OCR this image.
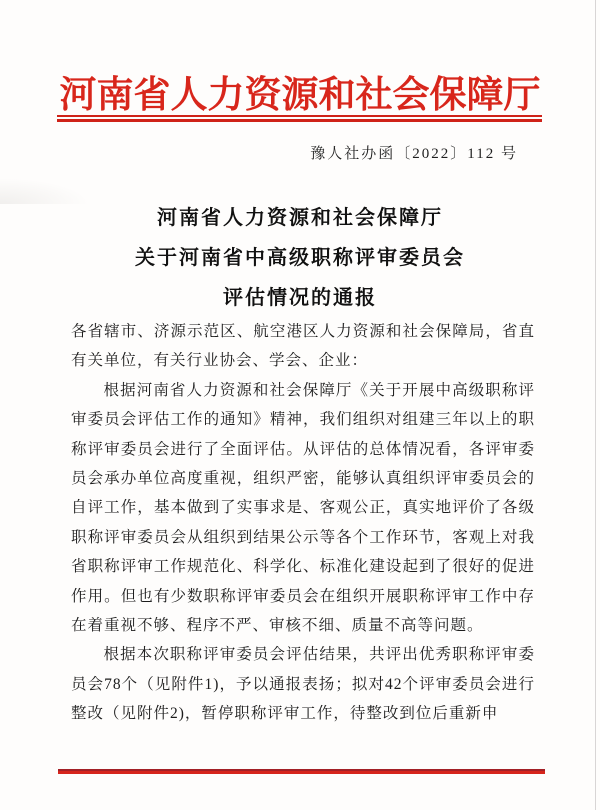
河南省人力资源和社会保障厅
豫人社办函〔2022〕112 号
河南省人力资源和社会保障厅
关于河南省中高级职称评审委员会
评估情况的通报

各省辖市、济源示范区、航空港区人力资源和社会保障局，省直有关单位，有关行业协会、学会、企业：

根据河南省人力资源和社会保障厅《关于开展中高级职称评审委员会评估工作的通知》精神，我们组织对组建三年以上的职称评审委员会进行了全面评估。从评估的总体情况看，各评审委员会承办单位高度重视，组织严密，能够认真组织评审委员会的自评工作，基本做到了实事求是、客观公正，真实地评价了各级职称评审委员会从组织到结果公示等各个工作环节，客观上对我省职称评审工作规范化、科学化、标准化建设起到了很好的促进作用。但也有少数职称评审委员会在组织开展职称评审工作中存在着重视不够、程序不严、审核不细、质量不高等问题。

根据本次职称评审委员会评估结果，共评出优秀职称评审委员会78个（见附件1)，予以通报表扬；拟对42个评审委员会进行整改（见附件2)，暂停职称评审工作，待整改到位后重新申
